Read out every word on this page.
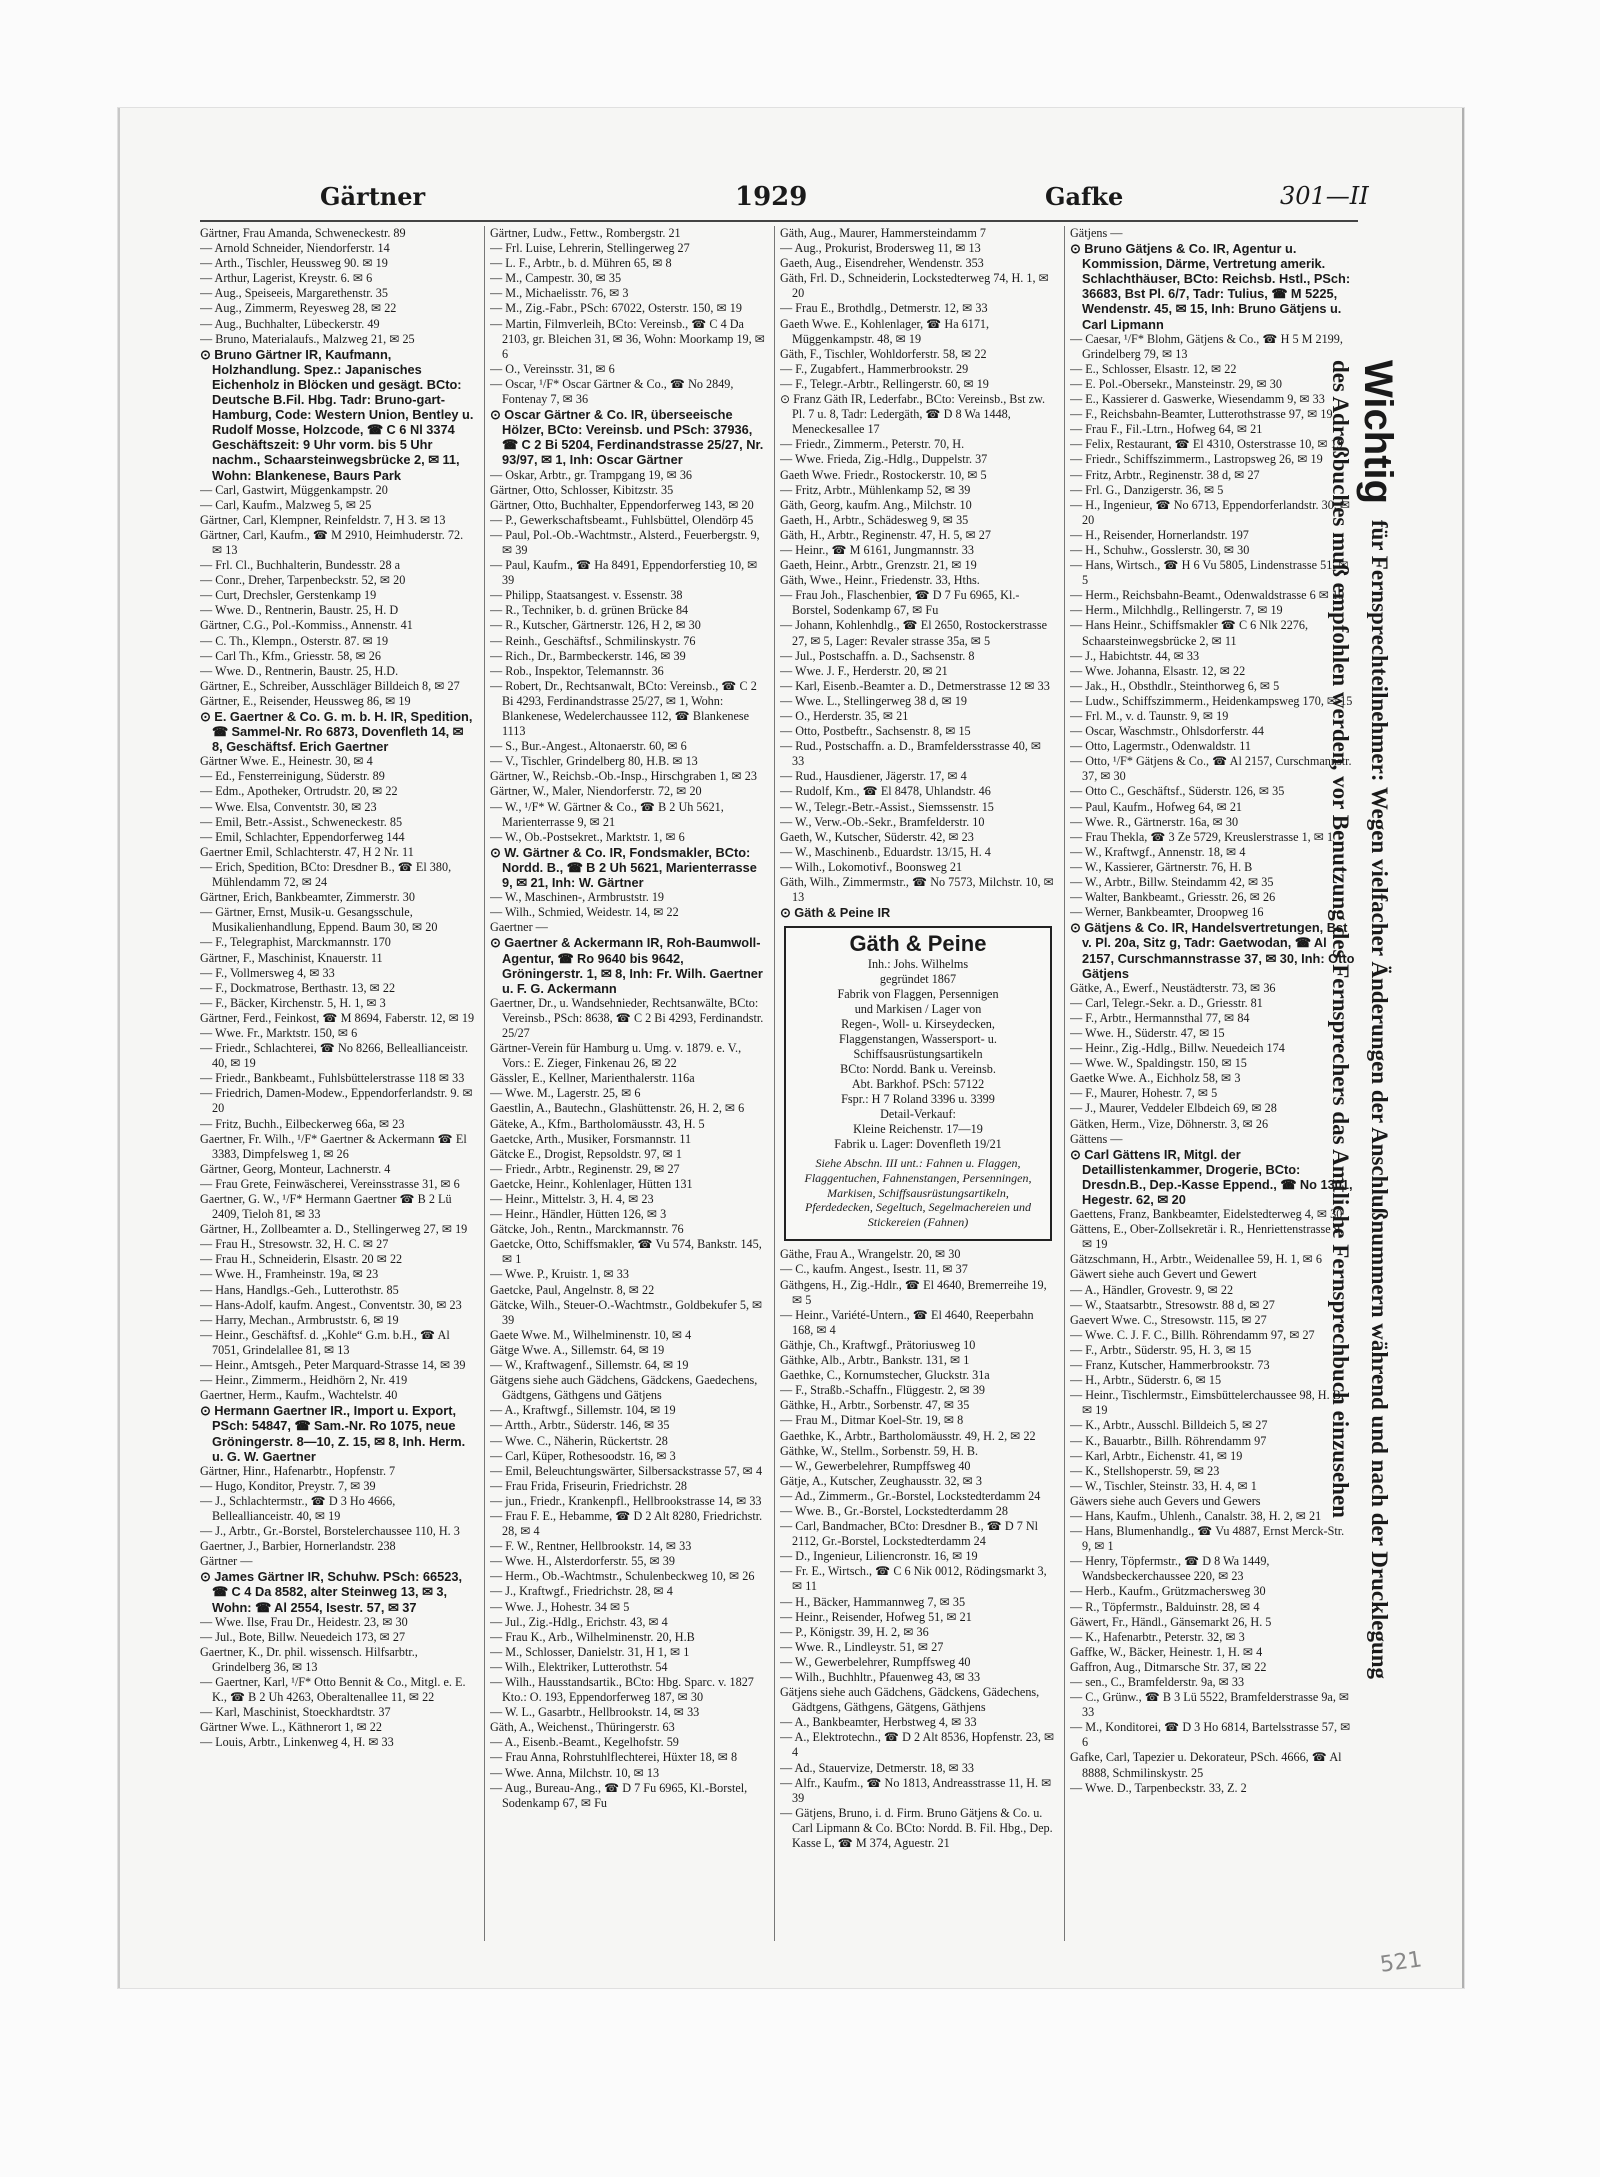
Gärtner	1929	Gafke	301—II

Gärtner, Frau Amanda, Schweneckestr. 89

— Arnold Schneider, Niendorferstr. 14

— Arth., Tischler, Heussweg 90. ✉ 19

— Arthur, Lagerist, Kreystr. 6. ✉ 6

— Aug., Speiseeis, Margarethenstr. 35

— Aug., Zimmerm, Reyesweg 28, ✉ 22

— Aug., Buchhalter, Lübeckerstr. 49

— Bruno, Materialaufs., Malzweg 21, ✉ 25

⊙ Bruno Gärtner IR, Kaufmann, Holzhandlung. Spez.: Japanisches Eichenholz in Blöcken und gesägt. BCto: Deutsche B.Fil. Hbg. Tadr: Bruno-gart-Hamburg, Code: Western Union, Bentley u. Rudolf Mosse, Holzcode, ☎ C 6 Nl 3374 Geschäftszeit: 9 Uhr vorm. bis 5 Uhr nachm., Schaarsteinwegsbrücke 2, ✉ 11, Wohn: Blankenese, Baurs Park

— Carl, Gastwirt, Müggenkampstr. 20

— Carl, Kaufm., Malzweg 5, ✉ 25

Gärtner, Carl, Klempner, Reinfeldstr. 7, H 3. ✉ 13

Gärtner, Carl, Kaufm., ☎ M 2910, Heimhuderstr. 72. ✉ 13

— Frl. Cl., Buchhalterin, Bundesstr. 28 a

— Conr., Dreher, Tarpenbeckstr. 52, ✉ 20

— Curt, Drechsler, Gerstenkamp 19

— Wwe. D., Rentnerin, Baustr. 25, H. D

Gärtner, C.G., Pol.-Kommiss., Annenstr. 41

— C. Th., Klempn., Osterstr. 87. ✉ 19

— Carl Th., Kfm., Griesstr. 58, ✉ 26

— Wwe. D., Rentnerin, Baustr. 25, H.D.

Gärtner, E., Schreiber, Ausschläger Billdeich 8, ✉ 27

Gärtner, E., Reisender, Heussweg 86, ✉ 19

⊙ E. Gaertner & Co. G. m. b. H. IR, Spedition, ☎ Sammel-Nr. Ro 6873, Dovenfleth 14, ✉ 8, Geschäftsf. Erich Gaertner

Gärtner Wwe. E., Heinestr. 30, ✉ 4

— Ed., Fensterreinigung, Süderstr. 89

— Edm., Apotheker, Ortrudstr. 20, ✉ 22

— Wwe. Elsa, Conventstr. 30, ✉ 23

— Emil, Betr.-Assist., Schweneckestr. 85

— Emil, Schlachter, Eppendorferweg 144

Gaertner Emil, Schlachterstr. 47, H 2 Nr. 11

— Erich, Spedition, BCto: Dresdner B., ☎ El 380, Mühlendamm 72, ✉ 24

Gärtner, Erich, Bankbeamter, Zimmerstr. 30

— Gärtner, Ernst, Musik-u. Gesangsschule, Musikalienhandlung, Eppend. Baum 30, ✉ 20

— F., Telegraphist, Marckmannstr. 170

Gärtner, F., Maschinist, Knauerstr. 11

— F., Vollmersweg 4, ✉ 33

— F., Dockmatrose, Berthastr. 13, ✉ 22

— F., Bäcker, Kirchenstr. 5, H. 1, ✉ 3

Gärtner, Ferd., Feinkost, ☎ M 8694, Faberstr. 12, ✉ 19

— Wwe. Fr., Marktstr. 150, ✉ 6

— Friedr., Schlachterei, ☎ No 8266, Belleallianceistr. 40, ✉ 19

— Friedr., Bankbeamt., Fuhlsbüttelerstrasse 118 ✉ 33

— Friedrich, Damen-Modew., Eppendorferlandstr. 9. ✉ 20

— Fritz, Buchh., Eilbeckerweg 66a, ✉ 23

Gaertner, Fr. Wilh., ¹/F* Gaertner & Ackermann ☎ El 3383, Dimpfelsweg 1, ✉ 26

Gärtner, Georg, Monteur, Lachnerstr. 4

— Frau Grete, Feinwäscherei, Vereinsstrasse 31, ✉ 6

Gaertner, G. W., ¹/F* Hermann Gaertner ☎ B 2 Lü 2409, Tieloh 81, ✉ 33

Gärtner, H., Zollbeamter a. D., Stellingerweg 27, ✉ 19

— Frau H., Stresowstr. 32, H. C. ✉ 27

— Frau H., Schneiderin, Elsastr. 20 ✉ 22

— Wwe. H., Framheinstr. 19a, ✉ 23

— Hans, Handlgs.-Geh., Lutterothstr. 85

— Hans-Adolf, kaufm. Angest., Conventstr. 30, ✉ 23

— Harry, Mechan., Armbruststr. 6, ✉ 19

— Heinr., Geschäftsf. d. „Kohle“ G.m. b.H., ☎ Al 7051, Grindelallee 81, ✉ 13

— Heinr., Amtsgeh., Peter Marquard-Strasse 14, ✉ 39

— Heinr., Zimmerm., Heidhörn 2, Nr. 419

Gaertner, Herm., Kaufm., Wachtelstr. 40

⊙ Hermann Gaertner IR., Import u. Export, PSch: 54847, ☎ Sam.-Nr. Ro 1075, neue Gröningerstr. 8—10, Z. 15, ✉ 8, Inh. Herm. u. G. W. Gaertner

Gärtner, Hinr., Hafenarbtr., Hopfenstr. 7

— Hugo, Konditor, Preystr. 7, ✉ 39

— J., Schlachtermstr., ☎ D 3 Ho 4666, Belleallianceistr. 40, ✉ 19

— J., Arbtr., Gr.-Borstel, Borstelerchaussee 110, H. 3

Gaertner, J., Barbier, Hornerlandstr. 238

Gärtner —

⊙ James Gärtner IR, Schuhw. PSch: 66523, ☎ C 4 Da 8582, alter Steinweg 13, ✉ 3, Wohn: ☎ Al 2554, Isestr. 57, ✉ 37

— Wwe. Ilse, Frau Dr., Heidestr. 23, ✉ 30

— Jul., Bote, Billw. Neuedeich 173, ✉ 27

Gaertner, K., Dr. phil. wissensch. Hilfsarbtr., Grindelberg 36, ✉ 13

— Gaertner, Karl, ¹/F* Otto Bennit & Co., Mitgl. e. E. K., ☎ B 2 Uh 4263, Oberaltenallee 11, ✉ 22

— Karl, Maschinist, Stoeckhardtstr. 37

Gärtner Wwe. L., Käthnerort 1, ✉ 22

— Louis, Arbtr., Linkenweg 4, H. ✉ 33

Gärtner, Ludw., Fettw., Rombergstr. 21

— Frl. Luise, Lehrerin, Stellingerweg 27

— L. F., Arbtr., b. d. Mühren 65, ✉ 8

— M., Campestr. 30, ✉ 35

— M., Michaelisstr. 76, ✉ 3

— M., Zig.-Fabr., PSch: 67022, Osterstr. 150, ✉ 19

— Martin, Filmverleih, BCto: Vereinsb., ☎ C 4 Da 2103, gr. Bleichen 31, ✉ 36, Wohn: Moorkamp 19, ✉ 6

— O., Vereinsstr. 31, ✉ 6

— Oscar, ¹/F* Oscar Gärtner & Co., ☎ No 2849, Fontenay 7, ✉ 36

⊙ Oscar Gärtner & Co. IR, überseeische Hölzer, BCto: Vereinsb. und PSch: 37936, ☎ C 2 Bi 5204, Ferdinandstrasse 25/27, Nr. 93/97, ✉ 1, Inh: Oscar Gärtner

— Oskar, Arbtr., gr. Trampgang 19, ✉ 36

Gärtner, Otto, Schlosser, Kibitzstr. 35

Gärtner, Otto, Buchhalter, Eppendorferweg 143, ✉ 20

— P., Gewerkschaftsbeamt., Fuhlsbüttel, Olendörp 45

— Paul, Pol.-Ob.-Wachtmstr., Alsterd., Feuerbergstr. 9, ✉ 39

— Paul, Kaufm., ☎ Ha 8491, Eppendorferstieg 10, ✉ 39

— Philipp, Staatsangest. v. Essenstr. 38

— R., Techniker, b. d. grünen Brücke 84

— R., Kutscher, Gärtnerstr. 126, H 2, ✉ 30

— Reinh., Geschäftsf., Schmilinskystr. 76

— Rich., Dr., Barmbeckerstr. 146, ✉ 39

— Rob., Inspektor, Telemannstr. 36

— Robert, Dr., Rechtsanwalt, BCto: Vereinsb., ☎ C 2 Bi 4293, Ferdinandstrasse 25/27, ✉ 1, Wohn: Blankenese, Wedelerchaussee 112, ☎ Blankenese 1113

— S., Bur.-Angest., Altonaerstr. 60, ✉ 6

— V., Tischler, Grindelberg 80, H.B. ✉ 13

Gärtner, W., Reichsb.-Ob.-Insp., Hirschgraben 1, ✉ 23

Gärtner, W., Maler, Niendorferstr. 72, ✉ 20

— W., ¹/F* W. Gärtner & Co., ☎ B 2 Uh 5621, Marienterrasse 9, ✉ 21

— W., Ob.-Postsekret., Marktstr. 1, ✉ 6

⊙ W. Gärtner & Co. IR, Fondsmakler, BCto: Nordd. B., ☎ B 2 Uh 5621, Marienterrasse 9, ✉ 21, Inh: W. Gärtner

— W., Maschinen-, Armbruststr. 19

— Wilh., Schmied, Weidestr. 14, ✉ 22

Gaertner —

⊙ Gaertner & Ackermann IR, Roh-Baumwoll-Agentur, ☎ Ro 9640 bis 9642, Gröningerstr. 1, ✉ 8, Inh: Fr. Wilh. Gaertner u. F. G. Ackermann

Gaertner, Dr., u. Wandsehnieder, Rechtsanwälte, BCto: Vereinsb., PSch: 8638, ☎ C 2 Bi 4293, Ferdinandstr. 25/27

Gärtner-Verein für Hamburg u. Umg. v. 1879. e. V., Vors.: E. Zieger, Finkenau 26, ✉ 22

Gässler, E., Kellner, Marienthalerstr. 116a

— Wwe. M., Lagerstr. 25, ✉ 6

Gaestlin, A., Bautechn., Glashüttenstr. 26, H. 2, ✉ 6

Gäteke, A., Kfm., Bartholomäusstr. 43, H. 5

Gaetcke, Arth., Musiker, Forsmannstr. 11

Gätcke E., Drogist, Repsoldstr. 97, ✉ 1

— Friedr., Arbtr., Reginenstr. 29, ✉ 27

Gaetcke, Heinr., Kohlenlager, Hütten 131

— Heinr., Mittelstr. 3, H. 4, ✉ 23

— Heinr., Händler, Hütten 126, ✉ 3

Gätcke, Joh., Rentn., Marckmannstr. 76

Gaetcke, Otto, Schiffsmakler, ☎ Vu 574, Bankstr. 145, ✉ 1

— Wwe. P., Kruistr. 1, ✉ 33

Gaetcke, Paul, Angelnstr. 8, ✉ 22

Gätcke, Wilh., Steuer-O.-Wachtmstr., Goldbekufer 5, ✉ 39

Gaete Wwe. M., Wilhelminenstr. 10, ✉ 4

Gätge Wwe. A., Sillemstr. 64, ✉ 19

— W., Kraftwagenf., Sillemstr. 64, ✉ 19

Gätgens siehe auch Gädchens, Gädckens, Gaedechens, Gädtgens, Gäthgens und Gätjens

— A., Kraftwgf., Sillemstr. 104, ✉ 19

— Artth., Arbtr., Süderstr. 146, ✉ 35

— Wwe. C., Näherin, Rückertstr. 28

— Carl, Küper, Rothesoodstr. 16, ✉ 3

— Emil, Beleuchtungswärter, Silbersackstrasse 57, ✉ 4

— Frau Frida, Friseurin, Friedrichstr. 28

— jun., Friedr., Krankenpfl., Hellbrookstrasse 14, ✉ 33

— Frau F. E., Hebamme, ☎ D 2 Alt 8280, Friedrichstr. 28, ✉ 4

— F. W., Rentner, Hellbrookstr. 14, ✉ 33

— Wwe. H., Alsterdorferstr. 55, ✉ 39

— Herm., Ob.-Wachtmstr., Schulenbeckweg 10, ✉ 26

— J., Kraftwgf., Friedrichstr. 28, ✉ 4

— Wwe. J., Hohestr. 34 ✉ 5

— Jul., Zig.-Hdlg., Erichstr. 43, ✉ 4

— Frau K., Arb., Wilhelminenstr. 20, H.B

— M., Schlosser, Danielstr. 31, H 1, ✉ 1

— Wilh., Elektriker, Lutterothstr. 54

— Wilh., Hausstandsartik., BCto: Hbg. Sparc. v. 1827 Kto.: O. 193, Eppendorferweg 187, ✉ 30

— W. L., Gasarbtr., Hellbrookstr. 14, ✉ 33

Gäth, A., Weichenst., Thüringerstr. 63

— A., Eisenb.-Beamt., Kegelhofstr. 59

— Frau Anna, Rohrstuhlflechterei, Hüxter 18, ✉ 8

— Wwe. Anna, Milchstr. 10, ✉ 13

— Aug., Bureau-Ang., ☎ D 7 Fu 6965, Kl.-Borstel, Sodenkamp 67, ✉ Fu

Gäth, Aug., Maurer, Hammersteindamm 7

— Aug., Prokurist, Brodersweg 11, ✉ 13

Gaeth, Aug., Eisendreher, Wendenstr. 353

Gäth, Frl. D., Schneiderin, Lockstedterweg 74, H. 1, ✉ 20

— Frau E., Brothdlg., Detmerstr. 12, ✉ 33

Gaeth Wwe. E., Kohlenlager, ☎ Ha 6171, Müggenkampstr. 48, ✉ 19

Gäth, F., Tischler, Wohldorferstr. 58, ✉ 22

— F., Zugabfert., Hammerbrookstr. 29

— F., Telegr.-Arbtr., Rellingerstr. 60, ✉ 19

⊙ Franz Gäth IR, Lederfabr., BCto: Vereinsb., Bst zw. Pl. 7 u. 8, Tadr: Ledergäth, ☎ D 8 Wa 1448, Meneckesallee 17

— Friedr., Zimmerm., Peterstr. 70, H.

— Wwe. Frieda, Zig.-Hdlg., Duppelstr. 37

Gaeth Wwe. Friedr., Rostockerstr. 10, ✉ 5

— Fritz, Arbtr., Mühlenkamp 52, ✉ 39

Gäth, Georg, kaufm. Ang., Milchstr. 10

Gaeth, H., Arbtr., Schädesweg 9, ✉ 35

Gäth, H., Arbtr., Reginenstr. 47, H. 5, ✉ 27

— Heinr., ☎ M 6161, Jungmannstr. 33

Gaeth, Heinr., Arbtr., Grenzstr. 21, ✉ 19

Gäth, Wwe., Heinr., Friedenstr. 33, Hths.

— Frau Joh., Flaschenbier, ☎ D 7 Fu 6965, Kl.-Borstel, Sodenkamp 67, ✉ Fu

— Johann, Kohlenhdlg., ☎ El 2650, Rostockerstrasse 27, ✉ 5, Lager: Revaler strasse 35a, ✉ 5

— Jul., Postschaffn. a. D., Sachsenstr. 8

— Wwe. J. F., Herderstr. 20, ✉ 21

— Karl, Eisenb.-Beamter a. D., Detmerstrasse 12 ✉ 33

— Wwe. L., Stellingerweg 38 d, ✉ 19

— O., Herderstr. 35, ✉ 21

— Otto, Postbeftr., Sachsenstr. 8, ✉ 15

— Rud., Postschaffn. a. D., Bramfeldersstrasse 40, ✉ 33

— Rud., Hausdiener, Jägerstr. 17, ✉ 4

— Rudolf, Km., ☎ El 8478, Uhlandstr. 46

— W., Telegr.-Betr.-Assist., Siemssenstr. 15

— W., Verw.-Ob.-Sekr., Bramfelderstr. 10

Gaeth, W., Kutscher, Süderstr. 42, ✉ 23

— W., Maschinenb., Eduardstr. 13/15, H. 4

— Wilh., Lokomotivf., Boonsweg 21

Gäth, Wilh., Zimmermstr., ☎ No 7573, Milchstr. 10, ✉ 13

⊙ Gäth & Peine IR

Gäth & Peine
Inh.: Johs. Wilhelms
gegründet 1867
Fabrik von Flaggen, Persennigen
und Markisen / Lager von
Regen-, Woll- u. Kirseydecken,
Flaggenstangen, Wassersport- u.
Schiffsausrüstungsartikeln
BCto: Nordd. Bank u. Vereinsb.
Abt. Barkhof. PSch: 57122
Fspr.: H 7 Roland 3396 u. 3399
Detail-Verkauf:
Kleine Reichenstr. 17—19
Fabrik u. Lager: Dovenfleth 19/21
Siehe Abschn. III unt.: Fahnen u. Flaggen, Flaggentuchen, Fahnenstangen, Persenningen, Markisen, Schiffsausrüstungsartikeln, Pferdedecken, Segeltuch, Segelmachereien und Stickereien (Fahnen)

Gäthe, Frau A., Wrangelstr. 20, ✉ 30

— C., kaufm. Angest., Isestr. 11, ✉ 37

Gäthgens, H., Zig.-Hdlr., ☎ El 4640, Bremerreihe 19, ✉ 5

— Heinr., Variété-Untern., ☎ El 4640, Reeperbahn 168, ✉ 4

Gäthje, Ch., Kraftwgf., Prätoriusweg 10

Gäthke, Alb., Arbtr., Bankstr. 131, ✉ 1

Gaethke, C., Kornumstecher, Gluckstr. 31a

— F., Straßb.-Schaffn., Flüggestr. 2, ✉ 39

Gäthke, H., Arbtr., Sorbenstr. 47, ✉ 35

— Frau M., Ditmar Koel-Str. 19, ✉ 8

Gaethke, K., Arbtr., Bartholomäusstr. 49, H. 2, ✉ 22

Gäthke, W., Stellm., Sorbenstr. 59, H. B.

— W., Gewerbelehrer, Rumpffsweg 40

Gätje, A., Kutscher, Zeughausstr. 32, ✉ 3

— Ad., Zimmerm., Gr.-Borstel, Lockstedterdamm 24

— Wwe. B., Gr.-Borstel, Lockstedterdamm 28

— Carl, Bandmacher, BCto: Dresdner B., ☎ D 7 Nl 2112, Gr.-Borstel, Lockstedterdamm 24

— D., Ingenieur, Liliencronstr. 16, ✉ 19

— Fr. E., Wirtsch., ☎ C 6 Nik 0012, Rödingsmarkt 3, ✉ 11

— H., Bäcker, Hammannweg 7, ✉ 35

— Heinr., Reisender, Hofweg 51, ✉ 21

— P., Königstr. 39, H. 2, ✉ 36

— Wwe. R., Lindleystr. 51, ✉ 27

— W., Gewerbelehrer, Rumpffsweg 40

— Wilh., Buchhltr., Pfauenweg 43, ✉ 33

Gätjens siehe auch Gädchens, Gädckens, Gädechens, Gädtgens, Gäthgens, Gätgens, Gäthjens

— A., Bankbeamter, Herbstweg 4, ✉ 33

— A., Elektrotechn., ☎ D 2 Alt 8536, Hopfenstr. 23, ✉ 4

— Ad., Stauervize, Detmerstr. 18, ✉ 33

— Alfr., Kaufm., ☎ No 1813, Andreasstrasse 11, H. ✉ 39

— Gätjens, Bruno, i. d. Firm. Bruno Gätjens & Co. u. Carl Lipmann & Co. BCto: Nordd. B. Fil. Hbg., Dep. Kasse L, ☎ M 374, Aguestr. 21

Gätjens —

⊙ Bruno Gätjens & Co. IR, Agentur u. Kommission, Därme, Vertretung amerik. Schlachthäuser, BCto: Reichsb. Hstl., PSch: 36683, Bst Pl. 6/7, Tadr: Tulius, ☎ M 5225, Wendenstr. 45, ✉ 15, Inh: Bruno Gätjens u. Carl Lipmann

— Caesar, ¹/F* Blohm, Gätjens & Co., ☎ H 5 M 2199, Grindelberg 79, ✉ 13

— E., Schlosser, Elsastr. 12, ✉ 22

— E. Pol.-Obersekr., Mansteinstr. 29, ✉ 30

— E., Kassierer d. Gaswerke, Wiesendamm 9, ✉ 33

— F., Reichsbahn-Beamter, Lutterothstrasse 97, ✉ 19

— Frau F., Fil.-Ltrn., Hofweg 64, ✉ 21

— Felix, Restaurant, ☎ El 4310, Osterstrasse 10, ✉ 19

— Friedr., Schiffszimmerm., Lastropsweg 26, ✉ 19

— Fritz, Arbtr., Reginenstr. 38 d, ✉ 27

— Frl. G., Danzigerstr. 36, ✉ 5

— H., Ingenieur, ☎ No 6713, Eppendorferlandstr. 30, ✉ 20

— H., Reisender, Hornerlandstr. 197

— H., Schuhw., Gosslerstr. 30, ✉ 30

— Hans, Wirtsch., ☎ H 6 Vu 5805, Lindenstrasse 51, ✉ 5

— Herm., Reichsbahn-Beamt., Odenwaldstrasse 6 ✉ 19

— Herm., Milchhdlg., Rellingerstr. 7, ✉ 19

— Hans Heinr., Schiffsmakler ☎ C 6 Nlk 2276, Schaarsteinwegsbrücke 2, ✉ 11

— J., Habichtstr. 44, ✉ 33

— Wwe. Johanna, Elsastr. 12, ✉ 22

— Jak., H., Obsthdlr., Steinthorweg 6, ✉ 5

— Ludw., Schiffszimmerm., Heidenkampsweg 170, ✉ 15

— Frl. M., v. d. Taunstr. 9, ✉ 19

— Oscar, Waschmstr., Ohlsdorferstr. 44

— Otto, Lagermstr., Odenwaldstr. 11

— Otto, ¹/F* Gätjens & Co., ☎ Al 2157, Curschmannstr. 37, ✉ 30

— Otto C., Geschäftsf., Süderstr. 126, ✉ 35

— Paul, Kaufm., Hofweg 64, ✉ 21

— Wwe. R., Gärtnerstr. 16a, ✉ 30

— Frau Thekla, ☎ 3 Ze 5729, Kreuslerstrasse 1, ✉ 1

— W., Kraftwgf., Annenstr. 18, ✉ 4

— W., Kassierer, Gärtnerstr. 76, H. B

— W., Arbtr., Billw. Steindamm 42, ✉ 35

— Walter, Bankbeamt., Griesstr. 26, ✉ 26

— Werner, Bankbeamter, Droopweg 16

⊙ Gätjens & Co. IR, Handelsvertretungen, Bst v. Pl. 20a, Sitz g, Tadr: Gaetwodan, ☎ Al 2157, Curschmannstrasse 37, ✉ 30, Inh: Otto Gätjens

Gätke, A., Ewerf., Neustädterstr. 73, ✉ 36

— Carl, Telegr.-Sekr. a. D., Griesstr. 81

— F., Arbtr., Hermannsthal 77, ✉ 84

— Wwe. H., Süderstr. 47, ✉ 15

— Heinr., Zig.-Hdlg., Billw. Neuedeich 174

— Wwe. W., Spaldingstr. 150, ✉ 15

Gaetke Wwe. A., Eichholz 58, ✉ 3

— F., Maurer, Hohestr. 7, ✉ 5

— J., Maurer, Veddeler Elbdeich 69, ✉ 28

Gätken, Herm., Vize, Döhnerstr. 3, ✉ 26

Gättens —

⊙ Carl Gättens IR, Mitgl. der Detaillistenkammer, Drogerie, BCto: Dresdn.B., Dep.-Kasse Eppend., ☎ No 1301, Hegestr. 62, ✉ 20

Gaettens, Franz, Bankbeamter, Eidelstedterweg 4, ✉ 30

Gättens, E., Ober-Zollsekretär i. R., Henriettenstrasse 9, ✉ 19

Gätzschmann, H., Arbtr., Weidenallee 59, H. 1, ✉ 6

Gäwert siehe auch Gevert und Gewert

— A., Händler, Grovestr. 9, ✉ 22

— W., Staatsarbtr., Stresowstr. 88 d, ✉ 27

Gaevert Wwe. C., Stresowstr. 115, ✉ 27

— Wwe. C. J. F. C., Billh. Röhrendamm 97, ✉ 27

— F., Arbtr., Süderstr. 95, H. 3, ✉ 15

— Franz, Kutscher, Hammerbrookstr. 73

— H., Arbtr., Süderstr. 6, ✉ 15

— Heinr., Tischlermstr., Eimsbüttelerchaussee 98, H. B, ✉ 19

— K., Arbtr., Ausschl. Billdeich 5, ✉ 27

— K., Bauarbtr., Billh. Röhrendamm 97

— Karl, Arbtr., Eichenstr. 41, ✉ 19

— K., Stellshoperstr. 59, ✉ 23

— W., Tischler, Steinstr. 33, H. 4, ✉ 1

Gäwers siehe auch Gevers und Gewers

— Hans, Kaufm., Uhlenh., Canalstr. 38, H. 2, ✉ 21

— Hans, Blumenhandlg., ☎ Vu 4887, Ernst Merck-Str. 9, ✉ 1

— Henry, Töpfermstr., ☎ D 8 Wa 1449, Wandsbeckerchaussee 220, ✉ 23

— Herb., Kaufm., Grützmachersweg 30

— R., Töpfermstr., Balduinstr. 28, ✉ 4

Gäwert, Fr., Händl., Gänsemarkt 26, H. 5

— K., Hafenarbtr., Peterstr. 32, ✉ 3

Gaffke, W., Bäcker, Heinestr. 1, H. ✉ 4

Gaffron, Aug., Ditmarsche Str. 37, ✉ 22

— sen., C., Bramfelderstr. 9a, ✉ 33

— C., Grünw., ☎ B 3 Lü 5522, Bramfelderstrasse 9a, ✉ 33

— M., Konditorei, ☎ D 3 Ho 6814, Bartelsstrasse 57, ✉ 6

Gafke, Carl, Tapezier u. Dekorateur, PSch. 4666, ☎ Al 8888, Schmilinskystr. 25

— Wwe. D., Tarpenbeckstr. 33, Z. 2

Wichtig für Fernsprechteilnehmer: Wegen vielfacher Änderungen der Anschlußnummern während und nach der Drucklegung
des Adreßbuches muß empfohlen werden, vor Benutzung des Fernsprechers das Amtliche Fernsprechbuch einzusehen
521
